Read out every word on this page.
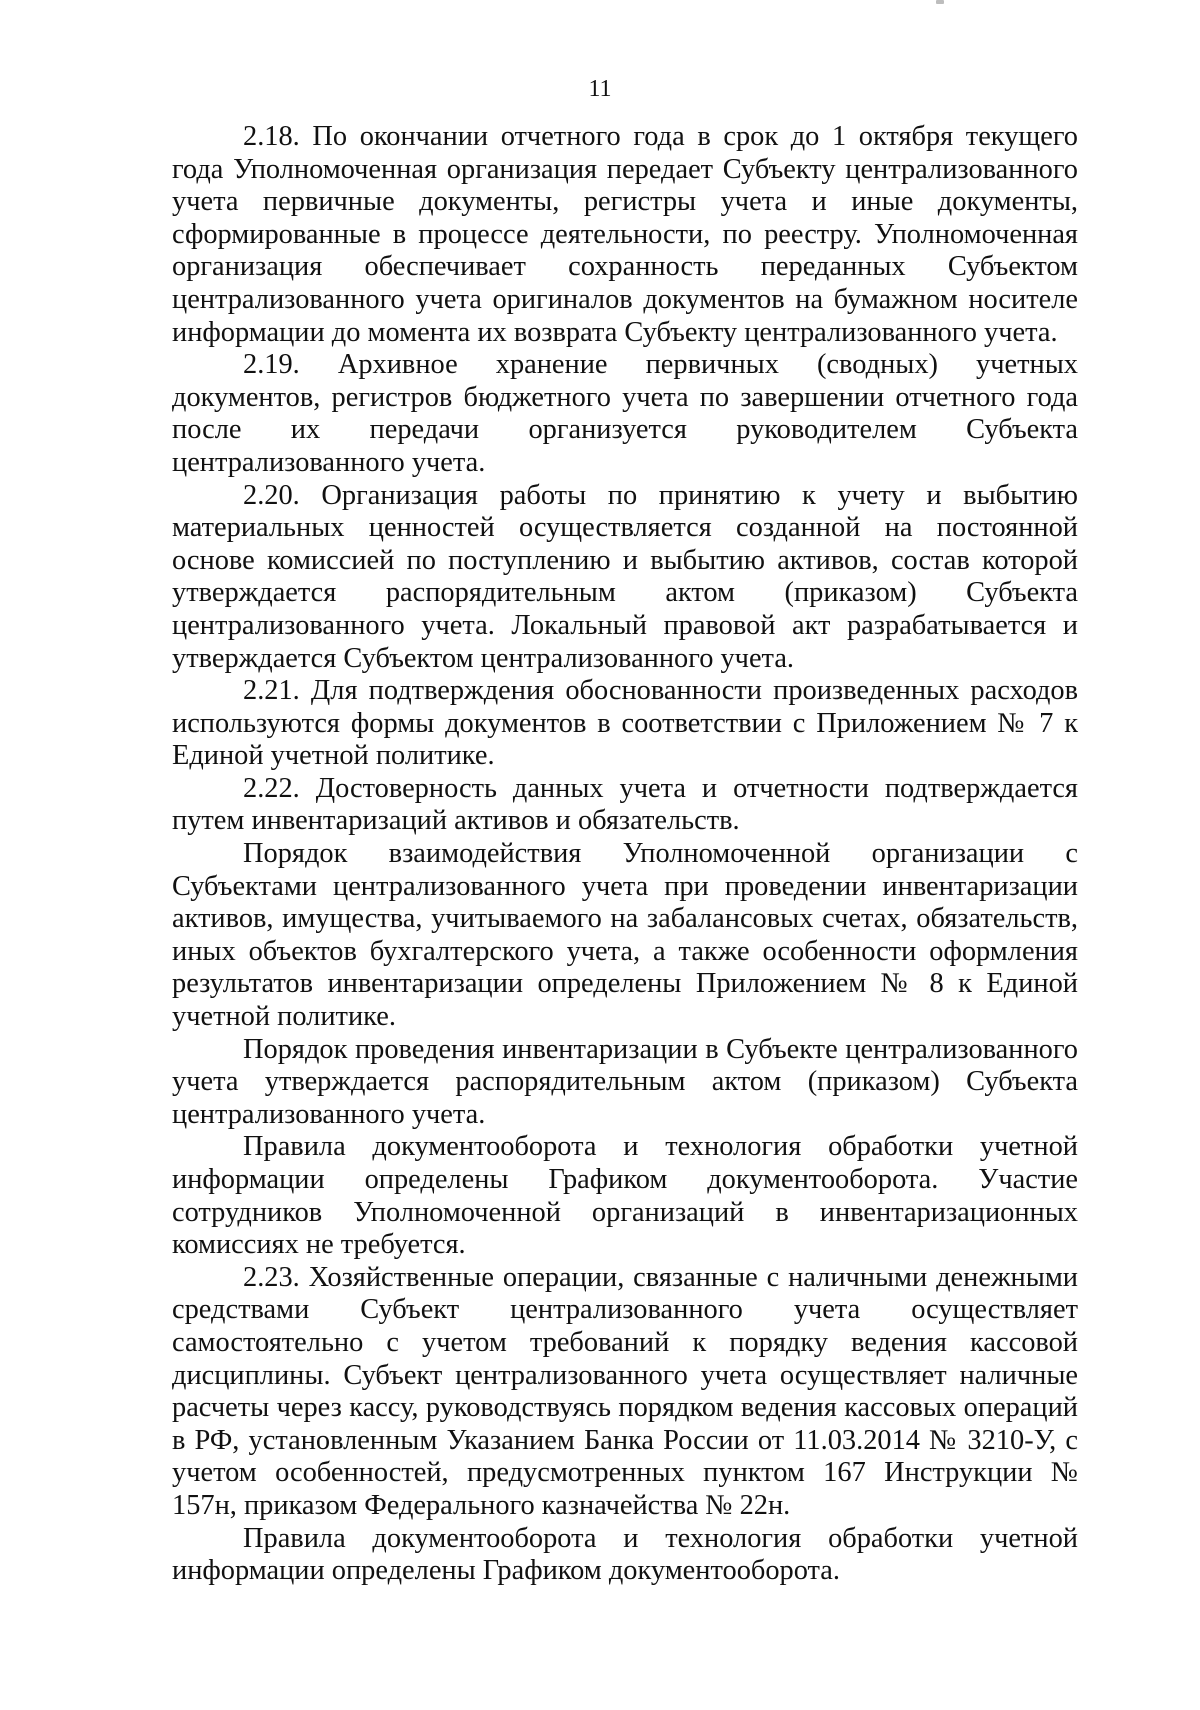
11

2.18. По окончании отчетного года в срок до 1 октября текущего года Уполномоченная организация передает Субъекту централизованного учета первичные документы, регистры учета и иные документы, сформированные в процессе деятельности, по реестру. Уполномоченная организация обеспечивает сохранность переданных Субъектом централизованного учета оригиналов документов на бумажном носителе информации до момента их возврата Субъекту централизованного учета.

2.19. Архивное хранение первичных (сводных) учетных документов, регистров бюджетного учета по завершении отчетного года после их передачи организуется руководителем Субъекта централизованного учета.

2.20. Организация работы по принятию к учету и выбытию материальных ценностей осуществляется созданной на постоянной основе комиссией по поступлению и выбытию активов, состав которой утверждается распорядительным актом (приказом) Субъекта централизованного учета. Локальный правовой акт разрабатывается и утверждается Субъектом централизованного учета.

2.21. Для подтверждения обоснованности произведенных расходов используются формы документов в соответствии с Приложением № 7 к Единой учетной политике.

2.22. Достоверность данных учета и отчетности подтверждается путем инвентаризаций активов и обязательств.

Порядок взаимодействия Уполномоченной организации с Субъектами централизованного учета при проведении инвентаризации активов, имущества, учитываемого на забалансовых счетах, обязательств, иных объектов бухгалтерского учета, а также особенности оформления результатов инвентаризации определены Приложением № 8 к Единой учетной политике.

Порядок проведения инвентаризации в Субъекте централизованного учета утверждается распорядительным актом (приказом) Субъекта централизованного учета.

Правила документооборота и технология обработки учетной информации определены Графиком документооборота. Участие сотрудников Уполномоченной организаций в инвентаризационных комиссиях не требуется.

2.23. Хозяйственные операции, связанные с наличными денежными средствами Субъект централизованного учета осуществляет самостоятельно с учетом требований к порядку ведения кассовой дисциплины. Субъект централизованного учета осуществляет наличные расчеты через кассу, руководствуясь порядком ведения кассовых операций в РФ, установленным Указанием Банка России от 11.03.2014 № 3210-У, с учетом особенностей, предусмотренных пунктом 167 Инструкции № 157н, приказом Федерального казначейства № 22н.

Правила документооборота и технология обработки учетной информации определены Графиком документооборота.
